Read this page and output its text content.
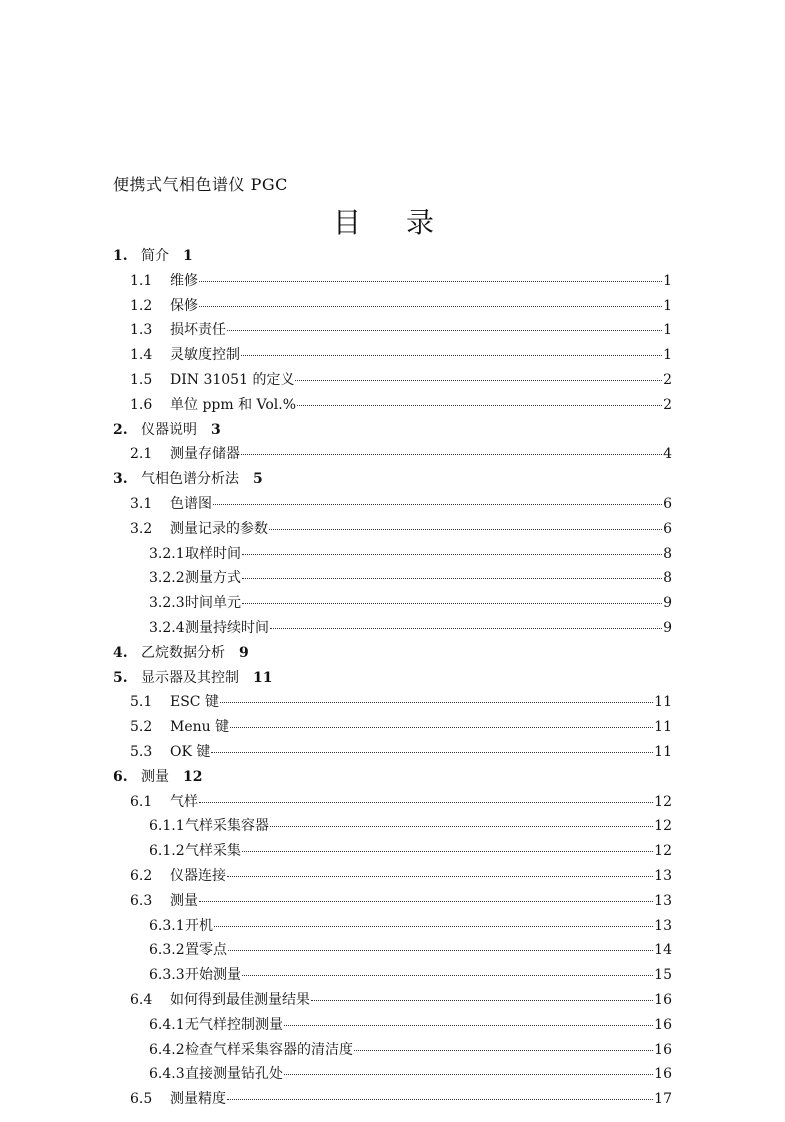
便携式气相色谱仪 PGC
目 录
1. 简介 1
1.1	维修	1
1.2	保修	1
1.3	损坏责任	1
1.4	灵敏度控制	1
1.5	DIN 31051 的定义	2
1.6	单位 ppm 和 Vol.%	2
2. 仪器说明 3
2.1	测量存储器	4
3. 气相色谱分析法 5
3.1	色谱图	6
3.2	测量记录的参数	6
3.2.1 取样时间	8
3.2.2 测量方式	8
3.2.3 时间单元	9
3.2.4 测量持续时间	9
4. 乙烷数据分析 9
5. 显示器及其控制 11
5.1	ESC 键	11
5.2	Menu 键	11
5.3	OK 键	11
6. 测量 12
6.1	气样	12
6.1.1 气样采集容器	12
6.1.2 气样采集	12
6.2	仪器连接	13
6.3	测量	13
6.3.1 开机	13
6.3.2 置零点	14
6.3.3 开始测量	15
6.4	如何得到最佳测量结果	16
6.4.1 无气样控制测量	16
6.4.2 检查气样采集容器的清洁度	16
6.4.3 直接测量钻孔处	16
6.5	测量精度	17
